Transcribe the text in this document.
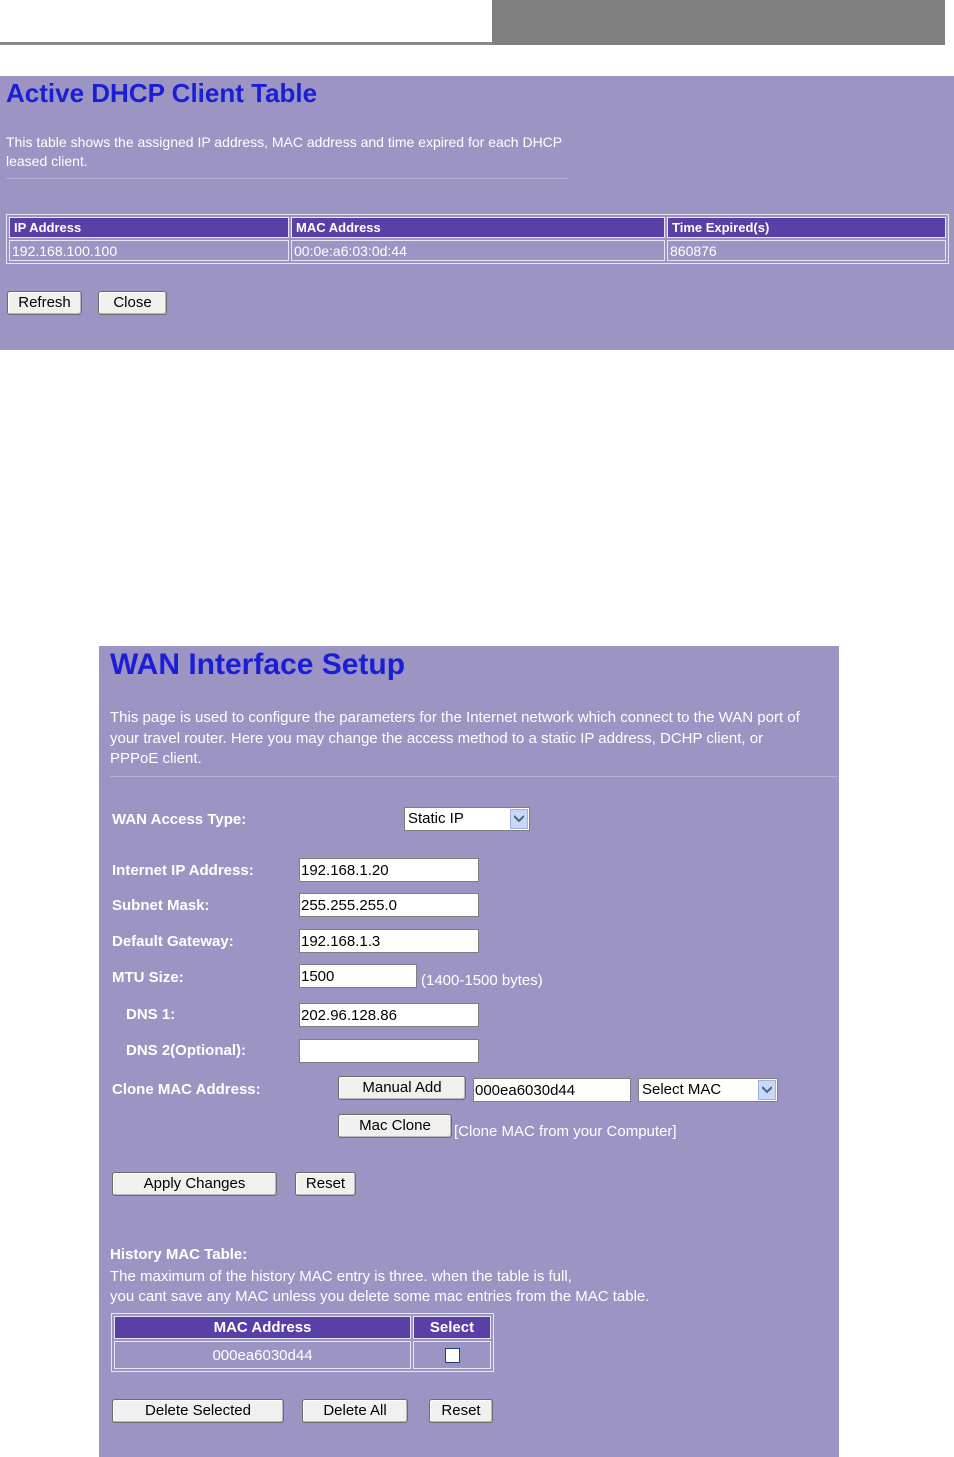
Active DHCP Client Table
This table shows the assigned IP address, MAC address and time expired for each DHCP leased client.
IP Address	MAC Address	Time Expired(s)
192.168.100.100	00:0e:a6:03:0d:44	860876
Refresh	Close
WAN Interface Setup
This page is used to configure the parameters for the Internet network which connect to the WAN port of your travel router. Here you may change the access method to a static IP address, DCHP client, or PPPoE client.
WAN Access Type:	Static IP
Internet IP Address:
192.168.1.20
Subnet Mask:
255.255.255.0
Default Gateway:
192.168.1.3
MTU Size:
1500	(1400-1500 bytes)
DNS 1:
202.96.128.86
DNS 2(Optional):
Clone MAC Address:	Manual Add
000ea6030d44	Select MAC
Mac Clone	[Clone MAC from your Computer]
Apply Changes	Reset
History MAC Table:
The maximum of the history MAC entry is three. when the table is full,
you cant save any MAC unless you delete some mac entries from the MAC table.
MAC Address	Select
000ea6030d44	
Delete Selected	Delete All	Reset
